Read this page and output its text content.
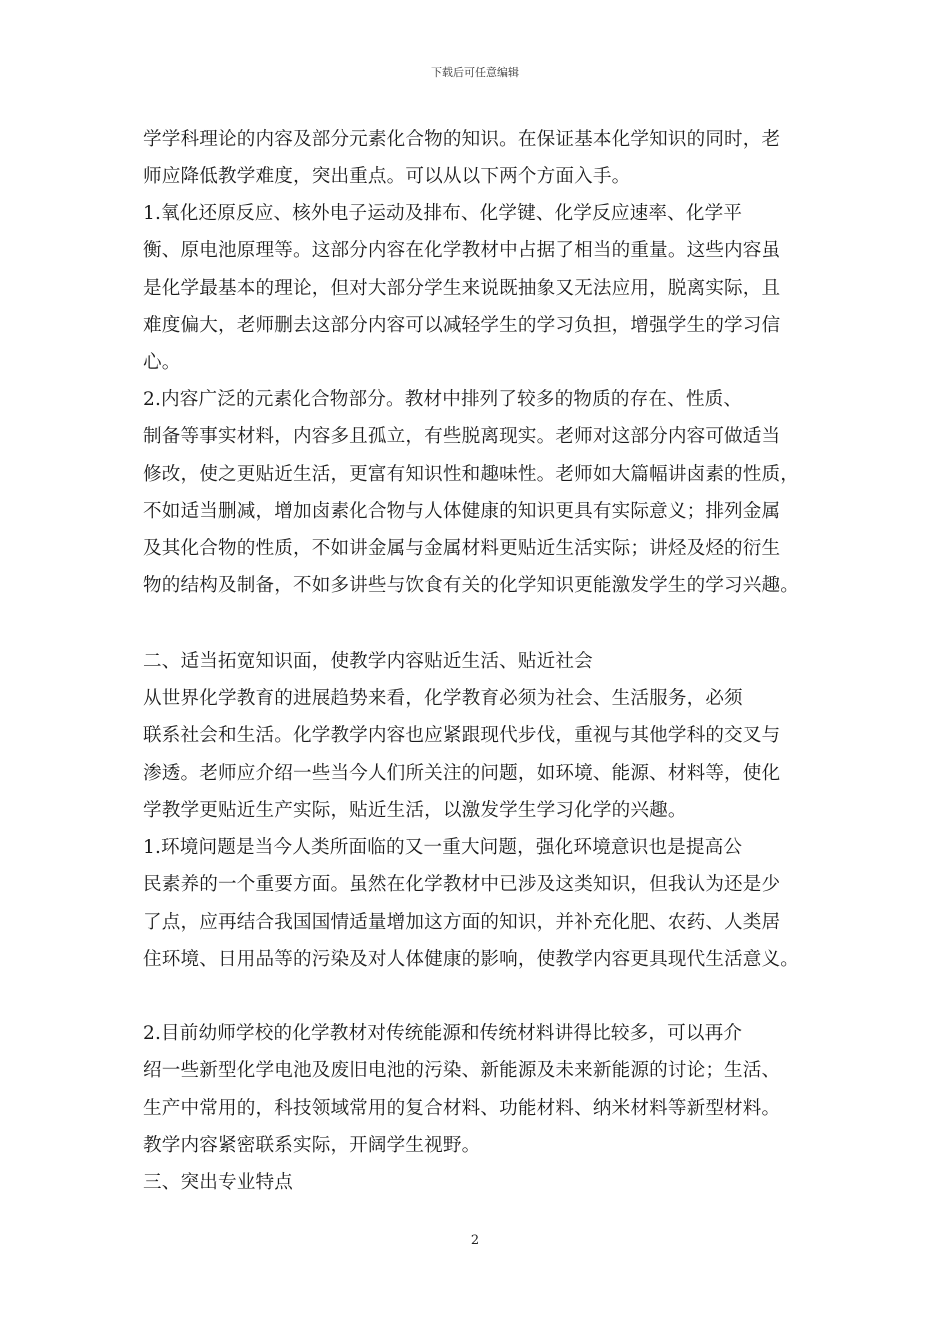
下载后可任意编辑

学学科理论的内容及部分元素化合物的知识。在保证基本化学知识的同时，老

师应降低教学难度，突出重点。可以从以下两个方面入手。

1.氧化还原反应、核外电子运动及排布、化学键、化学反应速率、化学平

衡、原电池原理等。这部分内容在化学教材中占据了相当的重量。这些内容虽

是化学最基本的理论，但对大部分学生来说既抽象又无法应用，脱离实际，且

难度偏大，老师删去这部分内容可以减轻学生的学习负担，增强学生的学习信

心。

2.内容广泛的元素化合物部分。教材中排列了较多的物质的存在、性质、

制备等事实材料，内容多且孤立，有些脱离现实。老师对这部分内容可做适当

修改，使之更贴近生活，更富有知识性和趣味性。老师如大篇幅讲卤素的性质，

不如适当删减，增加卤素化合物与人体健康的知识更具有实际意义；排列金属

及其化合物的性质，不如讲金属与金属材料更贴近生活实际；讲烃及烃的衍生

物的结构及制备，不如多讲些与饮食有关的化学知识更能激发学生的学习兴趣。

二、适当拓宽知识面，使教学内容贴近生活、贴近社会

从世界化学教育的进展趋势来看，化学教育必须为社会、生活服务，必须

联系社会和生活。化学教学内容也应紧跟现代步伐，重视与其他学科的交叉与

渗透。老师应介绍一些当今人们所关注的问题，如环境、能源、材料等，使化

学教学更贴近生产实际，贴近生活，以激发学生学习化学的兴趣。

1.环境问题是当今人类所面临的又一重大问题，强化环境意识也是提高公

民素养的一个重要方面。虽然在化学教材中已涉及这类知识，但我认为还是少

了点，应再结合我国国情适量增加这方面的知识，并补充化肥、农药、人类居

住环境、日用品等的污染及对人体健康的影响，使教学内容更具现代生活意义。

2.目前幼师学校的化学教材对传统能源和传统材料讲得比较多，可以再介

绍一些新型化学电池及废旧电池的污染、新能源及未来新能源的讨论；生活、

生产中常用的，科技领域常用的复合材料、功能材料、纳米材料等新型材料。

教学内容紧密联系实际，开阔学生视野。

三、突出专业特点

2
